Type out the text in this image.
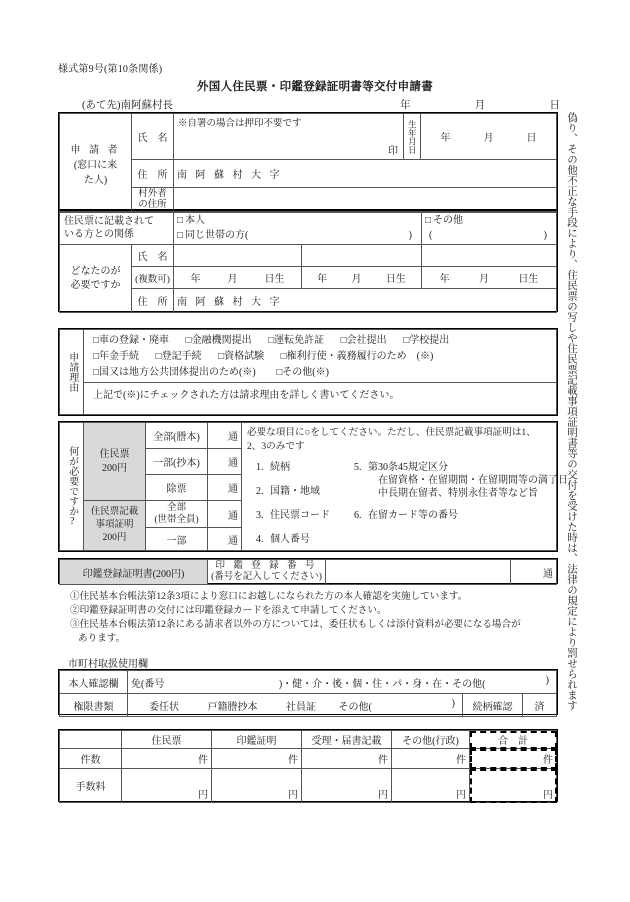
様式第9号(第10条関係)
外国人住民票・印鑑登録証明書等交付申請書
(あて先)南阿蘇村長	年	月	日
偽り、その他不正な手段により、住民票の写しや住民票記載事項証明書等の交付を受けた時は、法律の規定により罰せられます
申 請 者
(窓口に来
た人)
	氏　名	
※自署の場合は押印不要です
印	生年月日	年	月	日

	住　所	南 阿 蘇 村 大 字		

	村外者
の住所			

住民票に記載されて
いる方との関係

□ 本人
□ 同じ世帯の方(	)

□ その他
(	)

どなたのが
必要ですか	氏　名			
	(複数可)	年 月 日生	年 月 日生	年 月 日生

	住　所	南 阿 蘇 村 大 字		
申請理由

□車の登録・廃車 □金融機関提出 □運転免許証 □会社提出 □学校提出
□年金手続 □登記手続 □資格試験 □権利行使・義務履行のため　(※)
□国又は地方公共団体提出のため(※) □その他(※)

上記で(※)にチェックされた方は請求理由を詳しく書いてください。
何が必要ですか?	住民票
200円
	全部(謄本)	通	必要な項目に○をしてください。ただし、住民票記載事項証明は1、
2、3のみです
1. 続柄
2. 国籍・地域
3. 住民票コード
4. 個人番号
5. 第30条45規定区分
在留資格・在留期間・在留期間等の満了日
中長期在留者、特別永住者等など旨
6. 在留カード等の番号

		一部(抄本)	通	
		除票	通	

住民票記載
事項証明
200円

全部
(世帯全員)	通
		一部	通	
印鑑登録証明書(200円)	
印 鑑 登 録 番 号
(番号を記入してください)		通
①住民基本台帳法第12条3項により窓口にお越しになられた方の本人確認を実施しています。
②印鑑登録証明書の交付には印鑑登録カードを添えて申請してください。
③住民基本台帳法第12条にある請求者以外の方については、委任状もしくは添付資料が必要になる場合が
あります。
市町村取扱使用欄
本人確認欄	免(番号 )・健・介・後・個・住・パ・身・在・その他( )		

権限書類	委任状 戸籍謄抄本 社員証 その他( )	続柄確認	済
	住民票	印鑑証明	受理・届書記載	その他(行政)	合　計
件数	件	件	件	件	件
手数料	円	円	円	円	円
